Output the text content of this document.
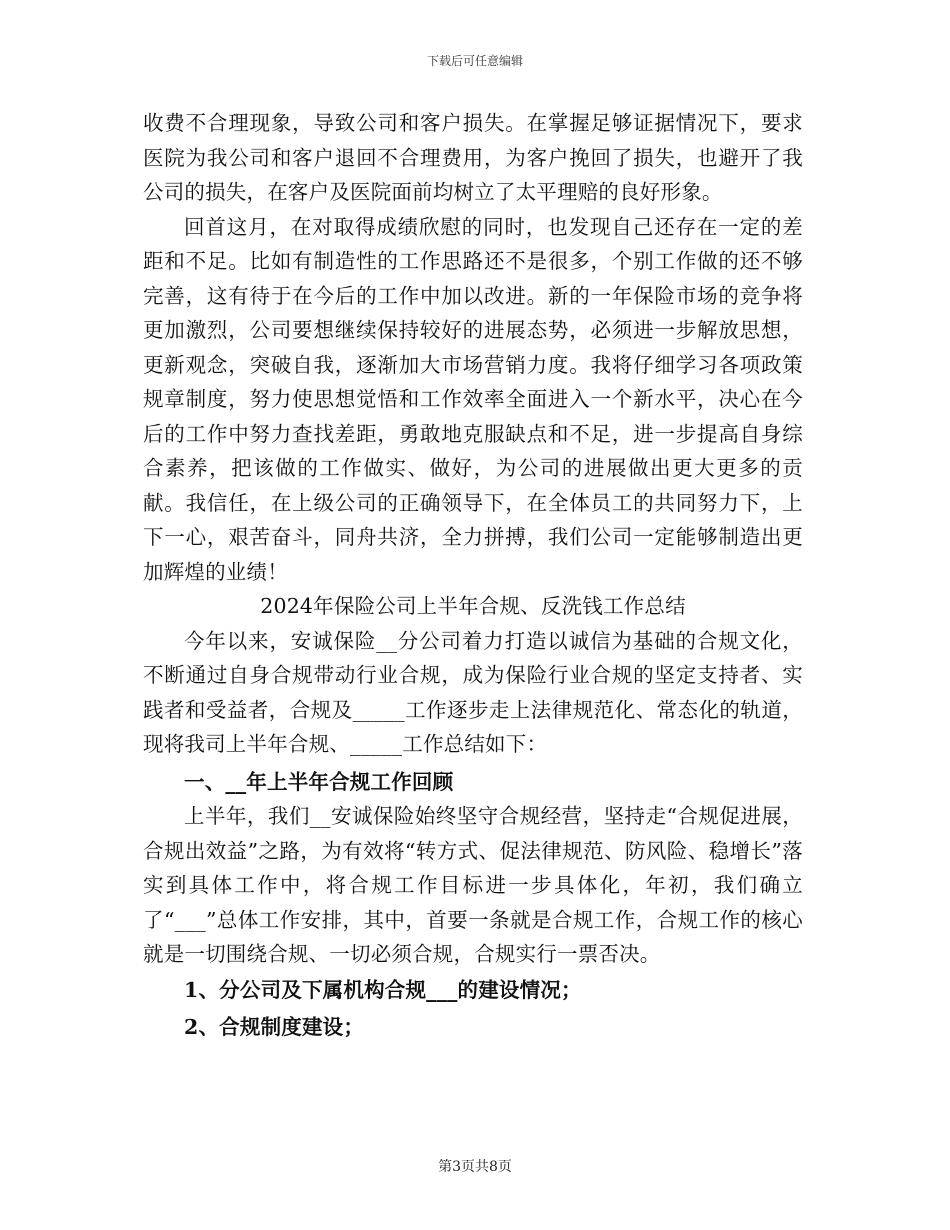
下载后可任意编辑

收费不合理现象，导致公司和客户损失。在掌握足够证据情况下，要求医院为我公司和客户退回不合理费用，为客户挽回了损失，也避开了我公司的损失，在客户及医院面前均树立了太平理赔的良好形象。

回首这月，在对取得成绩欣慰的同时，也发现自己还存在一定的差距和不足。比如有制造性的工作思路还不是很多，个别工作做的还不够完善，这有待于在今后的工作中加以改进。新的一年保险市场的竞争将更加激烈，公司要想继续保持较好的进展态势，必须进一步解放思想，更新观念，突破自我，逐渐加大市场营销力度。我将仔细学习各项政策规章制度，努力使思想觉悟和工作效率全面进入一个新水平，决心在今后的工作中努力查找差距，勇敢地克服缺点和不足，进一步提高自身综合素养，把该做的工作做实、做好，为公司的进展做出更大更多的贡献。我信任，在上级公司的正确领导下，在全体员工的共同努力下，上下一心，艰苦奋斗，同舟共济，全力拼搏，我们公司一定能够制造出更加辉煌的业绩！

2024年保险公司上半年合规、反洗钱工作总结

今年以来，安诚保险__分公司着力打造以诚信为基础的合规文化，不断通过自身合规带动行业合规，成为保险行业合规的坚定支持者、实践者和受益者，合规及_____工作逐步走上法律规范化、常态化的轨道，现将我司上半年合规、_____工作总结如下：

一、__年上半年合规工作回顾

上半年，我们__安诚保险始终坚守合规经营，坚持走“合规促进展，合规出效益”之路，为有效将“转方式、促法律规范、防风险、稳增长”落实到具体工作中，将合规工作目标进一步具体化，年初，我们确立了“___”总体工作安排，其中，首要一条就是合规工作，合规工作的核心就是一切围绕合规、一切必须合规，合规实行一票否决。

1、分公司及下属机构合规___的建设情况；

2、合规制度建设；

第3页共8页
